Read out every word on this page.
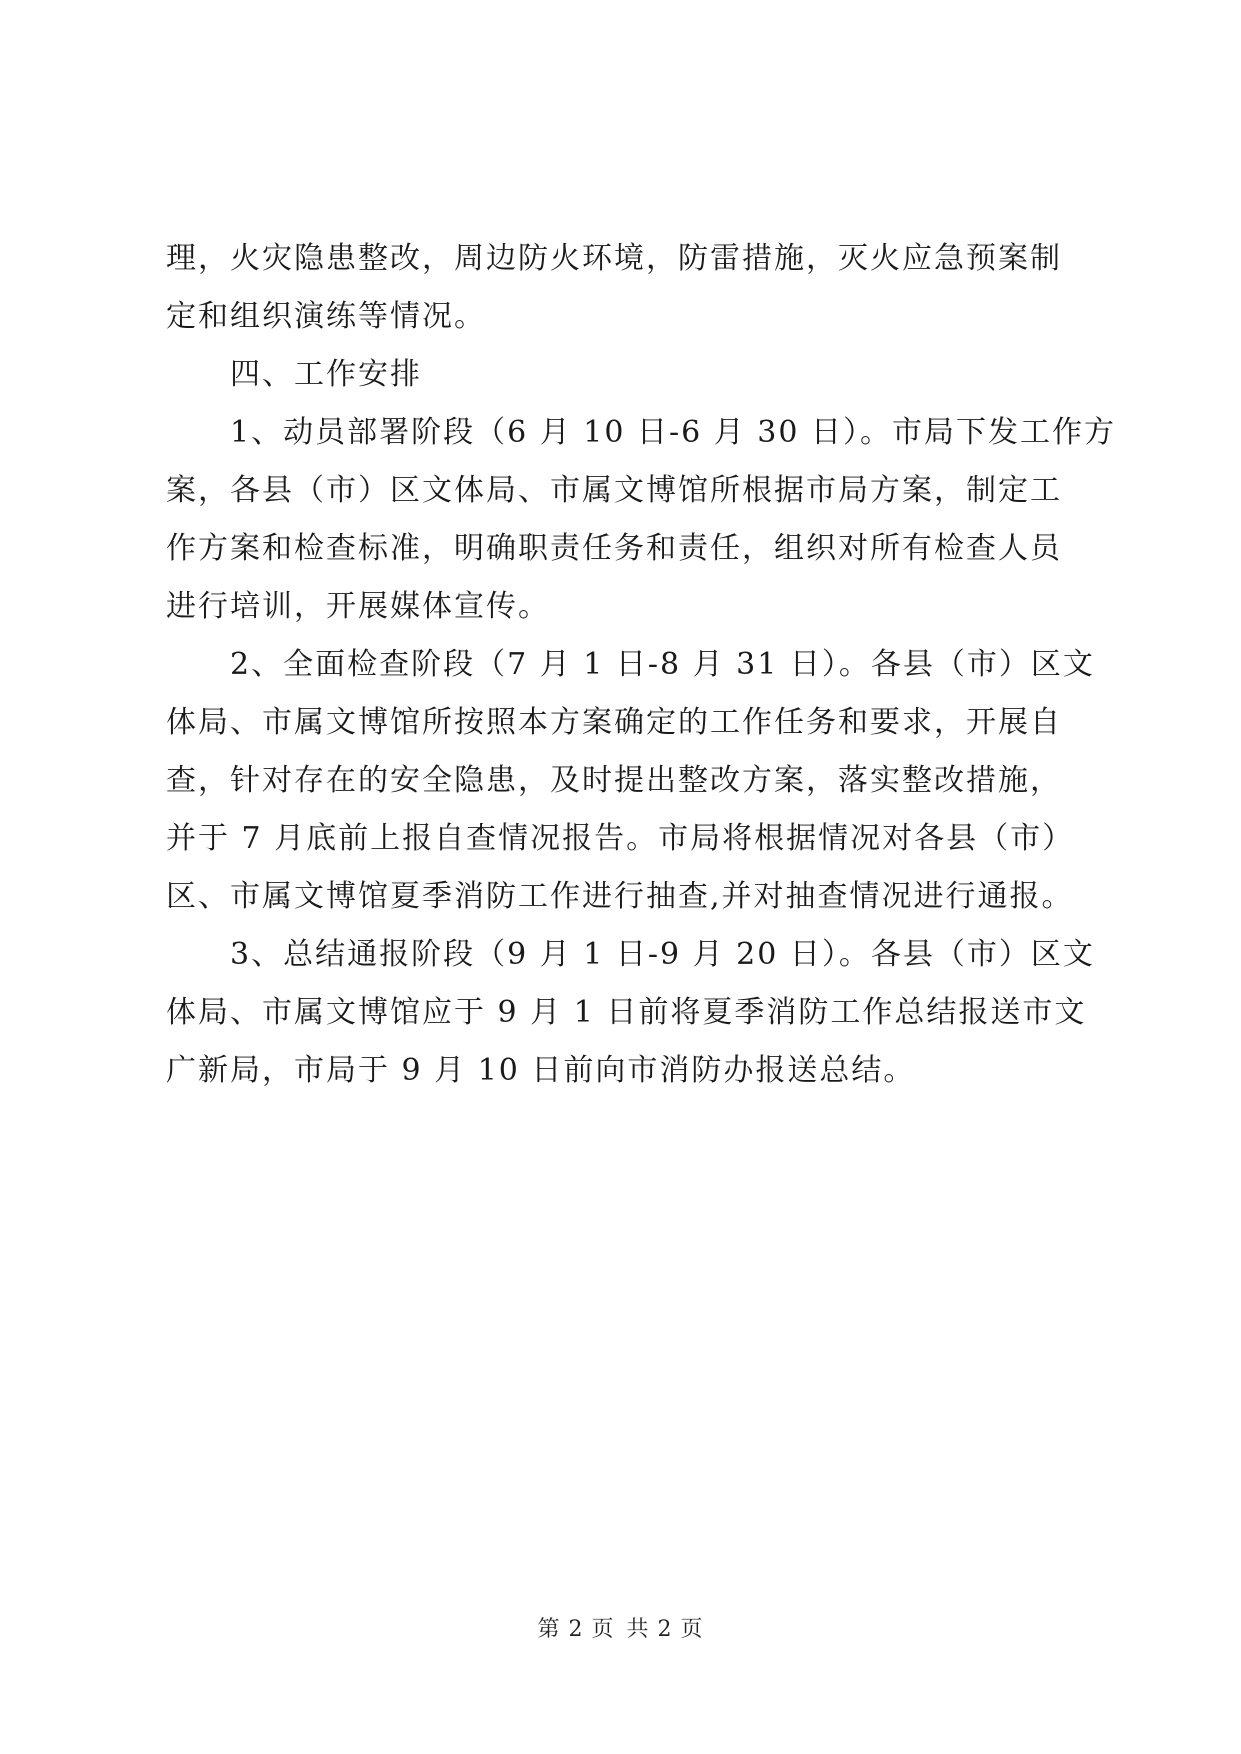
理，火灾隐患整改，周边防火环境，防雷措施，灭火应急预案制
定和组织演练等情况。
四、工作安排
1、动员部署阶段（6 月 10 日-6 月 30 日）。市局下发工作方
案，各县（市）区文体局、市属文博馆所根据市局方案，制定工
作方案和检查标准，明确职责任务和责任，组织对所有检查人员
进行培训，开展媒体宣传。
2、全面检查阶段（7 月 1 日-8 月 31 日）。各县（市）区文
体局、市属文博馆所按照本方案确定的工作任务和要求，开展自
查，针对存在的安全隐患，及时提出整改方案，落实整改措施，
并于 7 月底前上报自查情况报告。市局将根据情况对各县（市）
区、市属文博馆夏季消防工作进行抽查,并对抽查情况进行通报。
3、总结通报阶段（9 月 1 日-9 月 20 日）。各县（市）区文
体局、市属文博馆应于 9 月 1 日前将夏季消防工作总结报送市文
广新局，市局于 9 月 10 日前向市消防办报送总结。
第 2 页 共 2 页
